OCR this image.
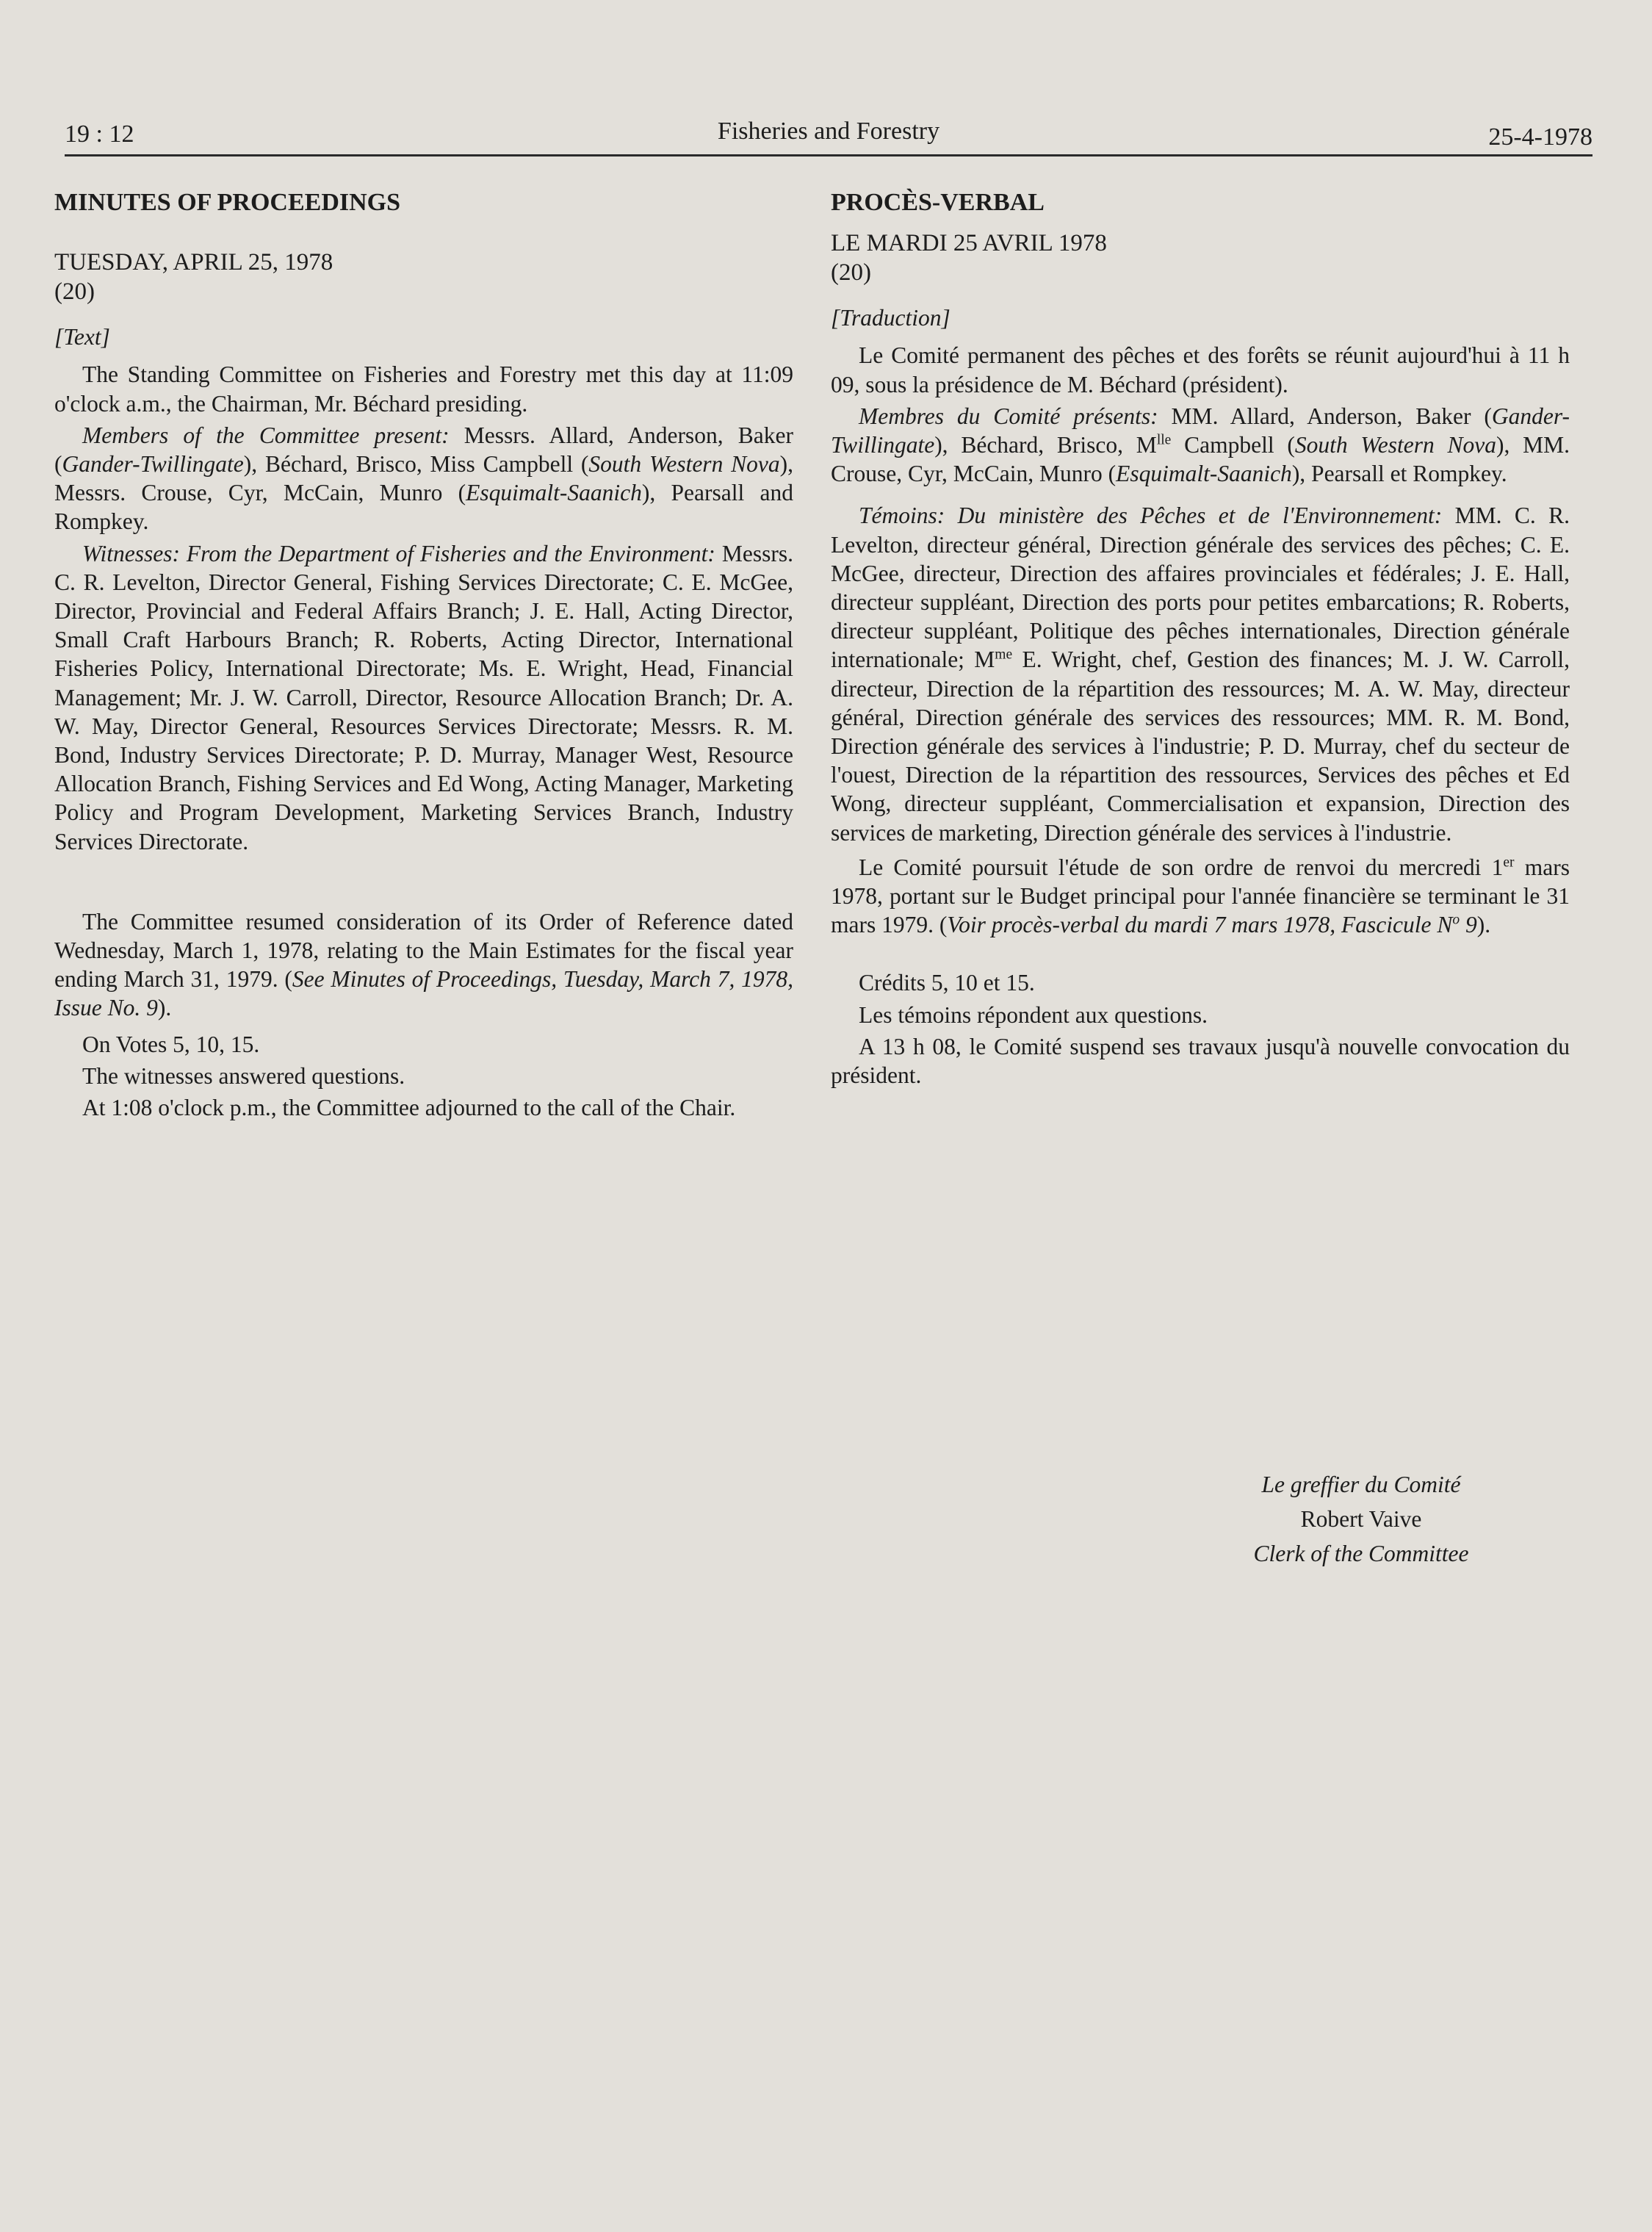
19 : 12	Fisheries and Forestry	25-4-1978

MINUTES OF PROCEEDINGS

TUESDAY, APRIL 25, 1978

(20)

[Text]

The Standing Committee on Fisheries and Forestry met this day at 11:09 o'clock a.m., the Chairman, Mr. Béchard presiding.

Members of the Committee present: Messrs. Allard, Anderson, Baker (Gander-Twillingate), Béchard, Brisco, Miss Campbell (South Western Nova), Messrs. Crouse, Cyr, McCain, Munro (Esquimalt-Saanich), Pearsall and Rompkey.

Witnesses: From the Department of Fisheries and the Environment: Messrs. C. R. Levelton, Director General, Fishing Services Directorate; C. E. McGee, Director, Provincial and Federal Affairs Branch; J. E. Hall, Acting Director, Small Craft Harbours Branch; R. Roberts, Acting Director, International Fisheries Policy, International Directorate; Ms. E. Wright, Head, Financial Management; Mr. J. W. Carroll, Director, Resource Allocation Branch; Dr. A. W. May, Director General, Resources Services Directorate; Messrs. R. M. Bond, Industry Services Directorate; P. D. Murray, Manager West, Resource Allocation Branch, Fishing Services and Ed Wong, Acting Manager, Marketing Policy and Program Development, Marketing Services Branch, Industry Services Directorate.

The Committee resumed consideration of its Order of Reference dated Wednesday, March 1, 1978, relating to the Main Estimates for the fiscal year ending March 31, 1979. (See Minutes of Proceedings, Tuesday, March 7, 1978, Issue No. 9).

On Votes 5, 10, 15.

The witnesses answered questions.

At 1:08 o'clock p.m., the Committee adjourned to the call of the Chair.

PROCÈS-VERBAL

LE MARDI 25 AVRIL 1978

(20)

[Traduction]

Le Comité permanent des pêches et des forêts se réunit aujourd'hui à 11 h 09, sous la présidence de M. Béchard (président).

Membres du Comité présents: MM. Allard, Anderson, Baker (Gander-Twillingate), Béchard, Brisco, $M^{lle}$ Campbell (South Western Nova), MM. Crouse, Cyr, McCain, Munro (Esquimalt-Saanich), Pearsall et Rompkey.

Témoins: Du ministère des Pêches et de l'Environnement: MM. C. R. Levelton, directeur général, Direction générale des services des pêches; C. E. McGee, directeur, Direction des affaires provinciales et fédérales; J. E. Hall, directeur suppléant, Direction des ports pour petites embarcations; R. Roberts, directeur suppléant, Politique des pêches internationales, Direction générale internationale; $M^{me}$ E. Wright, chef, Gestion des finances; M. J. W. Carroll, directeur, Direction de la répartition des ressources; M. A. W. May, directeur général, Direction générale des services des ressources; MM. R. M. Bond, Direction générale des services à l'industrie; P. D. Murray, chef du secteur de l'ouest, Direction de la répartition des ressources, Services des pêches et Ed Wong, directeur suppléant, Commercialisation et expansion, Direction des services de marketing, Direction générale des services à l'industrie.

Le Comité poursuit l'étude de son ordre de renvoi du mercredi 1er mars 1978, portant sur le Budget principal pour l'année financière se terminant le 31 mars 1979. (Voir procès-verbal du mardi 7 mars 1978, Fascicule $N^o$ 9).

Crédits 5, 10 et 15.

Les témoins répondent aux questions.

A 13 h 08, le Comité suspend ses travaux jusqu'à nouvelle convocation du président.

Le greffier du Comité

Robert Vaive

Clerk of the Committee
